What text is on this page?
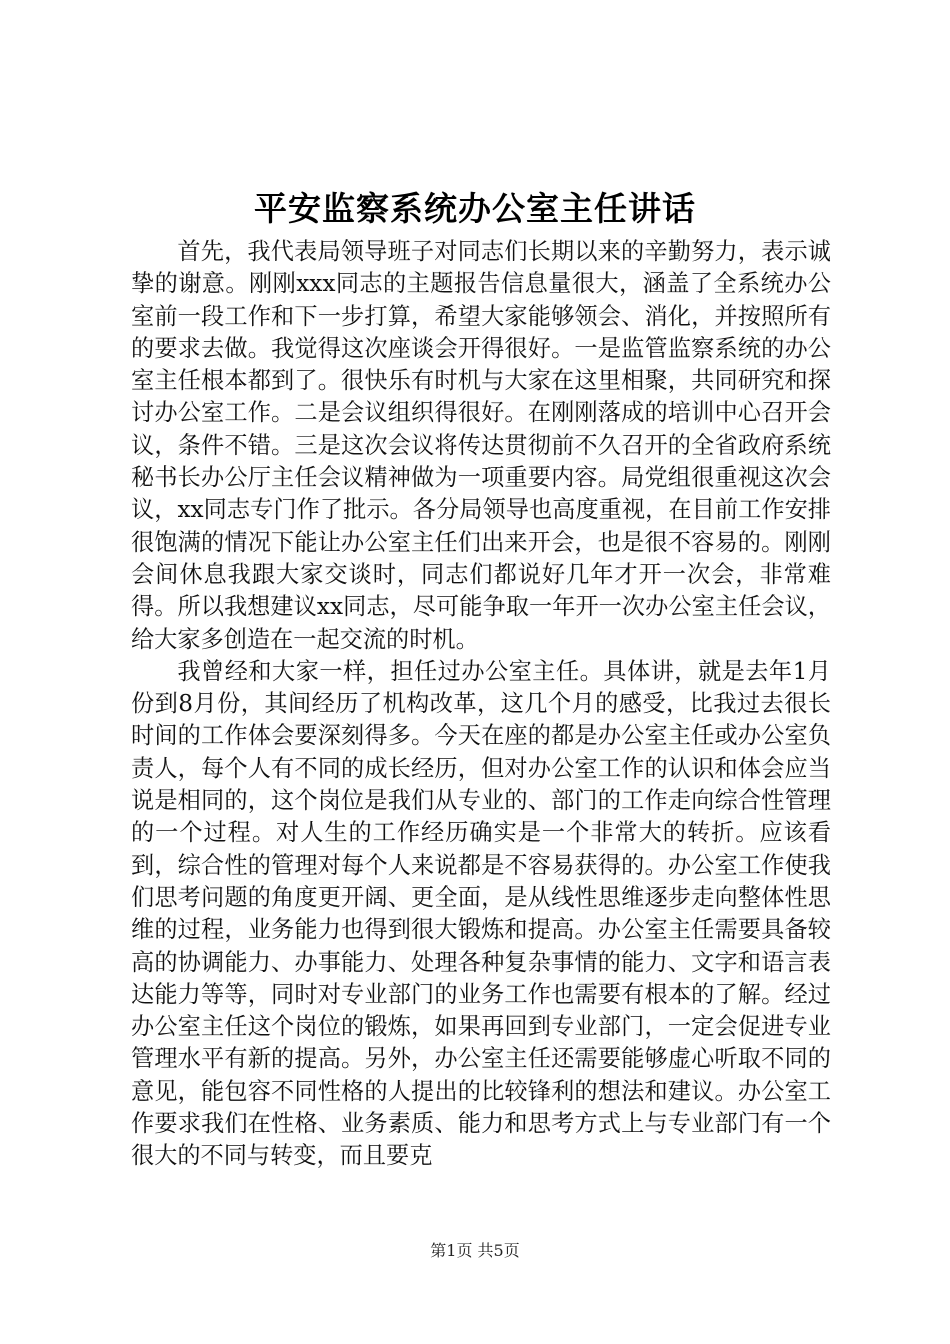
平安监察系统办公室主任讲话

首先，我代表局领导班子对同志们长期以来的辛勤努力，表示诚挚的谢意。刚刚xxx同志的主题报告信息量很大，涵盖了全系统办公室前一段工作和下一步打算，希望大家能够领会、消化，并按照所有的要求去做。我觉得这次座谈会开得很好。一是监管监察系统的办公室主任根本都到了。很快乐有时机与大家在这里相聚，共同研究和探讨办公室工作。二是会议组织得很好。在刚刚落成的培训中心召开会议，条件不错。三是这次会议将传达贯彻前不久召开的全省政府系统秘书长办公厅主任会议精神做为一项重要内容。局党组很重视这次会议，xx同志专门作了批示。各分局领导也高度重视，在目前工作安排很饱满的情况下能让办公室主任们出来开会，也是很不容易的。刚刚会间休息我跟大家交谈时，同志们都说好几年才开一次会，非常难得。所以我想建议xx同志，尽可能争取一年开一次办公室主任会议，给大家多创造在一起交流的时机。

我曾经和大家一样，担任过办公室主任。具体讲，就是去年1月份到8月份，其间经历了机构改革，这几个月的感受，比我过去很长时间的工作体会要深刻得多。今天在座的都是办公室主任或办公室负责人，每个人有不同的成长经历，但对办公室工作的认识和体会应当说是相同的，这个岗位是我们从专业的、部门的工作走向综合性管理的一个过程。对人生的工作经历确实是一个非常大的转折。应该看到，综合性的管理对每个人来说都是不容易获得的。办公室工作使我们思考问题的角度更开阔、更全面，是从线性思维逐步走向整体性思维的过程，业务能力也得到很大锻炼和提高。办公室主任需要具备较高的协调能力、办事能力、处理各种复杂事情的能力、文字和语言表达能力等等，同时对专业部门的业务工作也需要有根本的了解。经过办公室主任这个岗位的锻炼，如果再回到专业部门，一定会促进专业管理水平有新的提高。另外，办公室主任还需要能够虚心听取不同的意见，能包容不同性格的人提出的比较锋利的想法和建议。办公室工作要求我们在性格、业务素质、能力和思考方式上与专业部门有一个很大的不同与转变，而且要克

第1页 共5页
